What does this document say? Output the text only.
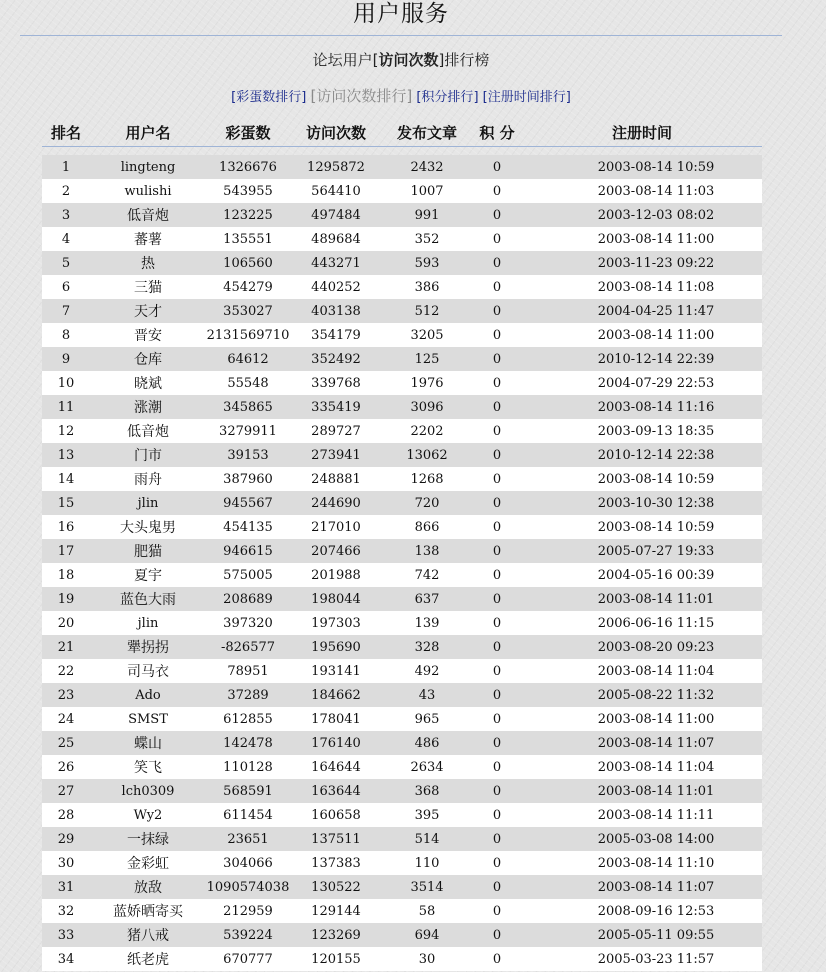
用户服务
论坛用户[访问次数]排行榜
[彩蛋数排行] [访问次数排行] [积分排行] [注册时间排行]
排名	用户名	彩蛋数	访问次数	发布文章	积 分	注册时间

1	lingteng	1326676	1295872	2432	0	2003-08-14 10:59
2	wulishi	543955	564410	1007	0	2003-08-14 11:03
3	低音炮	123225	497484	991	0	2003-12-03 08:02
4	蕃薯	135551	489684	352	0	2003-08-14 11:00
5	热	106560	443271	593	0	2003-11-23 09:22
6	三猫	454279	440252	386	0	2003-08-14 11:08
7	天才	353027	403138	512	0	2004-04-25 11:47
8	晋安	2131569710	354179	3205	0	2003-08-14 11:00
9	仓库	64612	352492	125	0	2010-12-14 22:39
10	晓斌	55548	339768	1976	0	2004-07-29 22:53
11	涨潮	345865	335419	3096	0	2003-08-14 11:16
12	低音炮	3279911	289727	2202	0	2003-09-13 18:35
13	门市	39153	273941	13062	0	2010-12-14 22:38
14	雨舟	387960	248881	1268	0	2003-08-14 10:59
15	jlin	945567	244690	720	0	2003-10-30 12:38
16	大头鬼男	454135	217010	866	0	2003-08-14 10:59
17	肥猫	946615	207466	138	0	2005-07-27 19:33
18	夏宇	575005	201988	742	0	2004-05-16 00:39
19	蓝色大雨	208689	198044	637	0	2003-08-14 11:01
20	jlin	397320	197303	139	0	2006-06-16 11:15
21	犟拐拐	-826577	195690	328	0	2003-08-20 09:23
22	司马衣	78951	193141	492	0	2003-08-14 11:04
23	Ado	37289	184662	43	0	2005-08-22 11:32
24	SMST	612855	178041	965	0	2003-08-14 11:00
25	蝶山	142478	176140	486	0	2003-08-14 11:07
26	笑飞	110128	164644	2634	0	2003-08-14 11:04
27	lch0309	568591	163644	368	0	2003-08-14 11:01
28	Wy2	611454	160658	395	0	2003-08-14 11:11
29	一抹绿	23651	137511	514	0	2005-03-08 14:00
30	金彩虹	304066	137383	110	0	2003-08-14 11:10
31	放敌	1090574038	130522	3514	0	2003-08-14 11:07
32	蓝娇晒寄买	212959	129144	58	0	2008-09-16 12:53
33	猪八戒	539224	123269	694	0	2005-05-11 09:55
34	纸老虎	670777	120155	30	0	2005-03-23 11:57
